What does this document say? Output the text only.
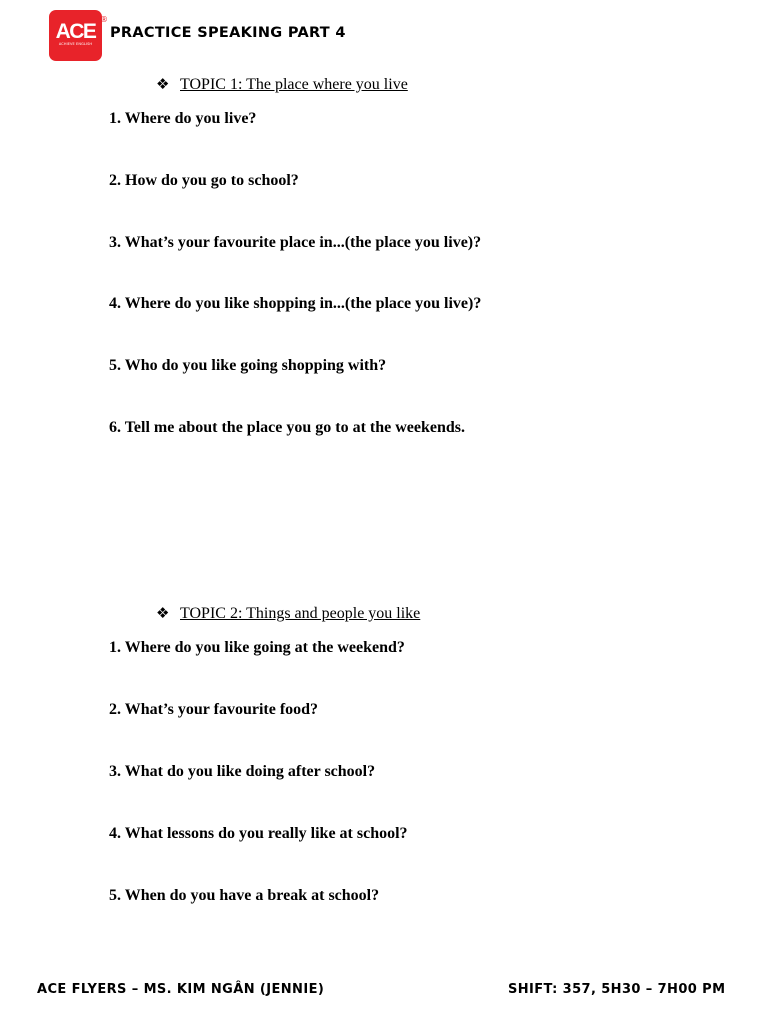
ACE
ACHIEVE ENGLISH
®
PRACTICE SPEAKING PART 4
❖ TOPIC 1: The place where you live
1. Where do you live?
2. How do you go to school?
3. What’s your favourite place in...(the place you live)?
4. Where do you like shopping in...(the place you live)?
5. Who do you like going shopping with?
6. Tell me about the place you go to at the weekends.
❖ TOPIC 2: Things and people you like
1. Where do you like going at the weekend?
2. What’s your favourite food?
3. What do you like doing after school?
4. What lessons do you really like at school?
5. When do you have a break at school?
ACE FLYERS – MS. KIM NGÂN (JENNIE)	SHIFT: 357, 5H30 – 7H00 PM
